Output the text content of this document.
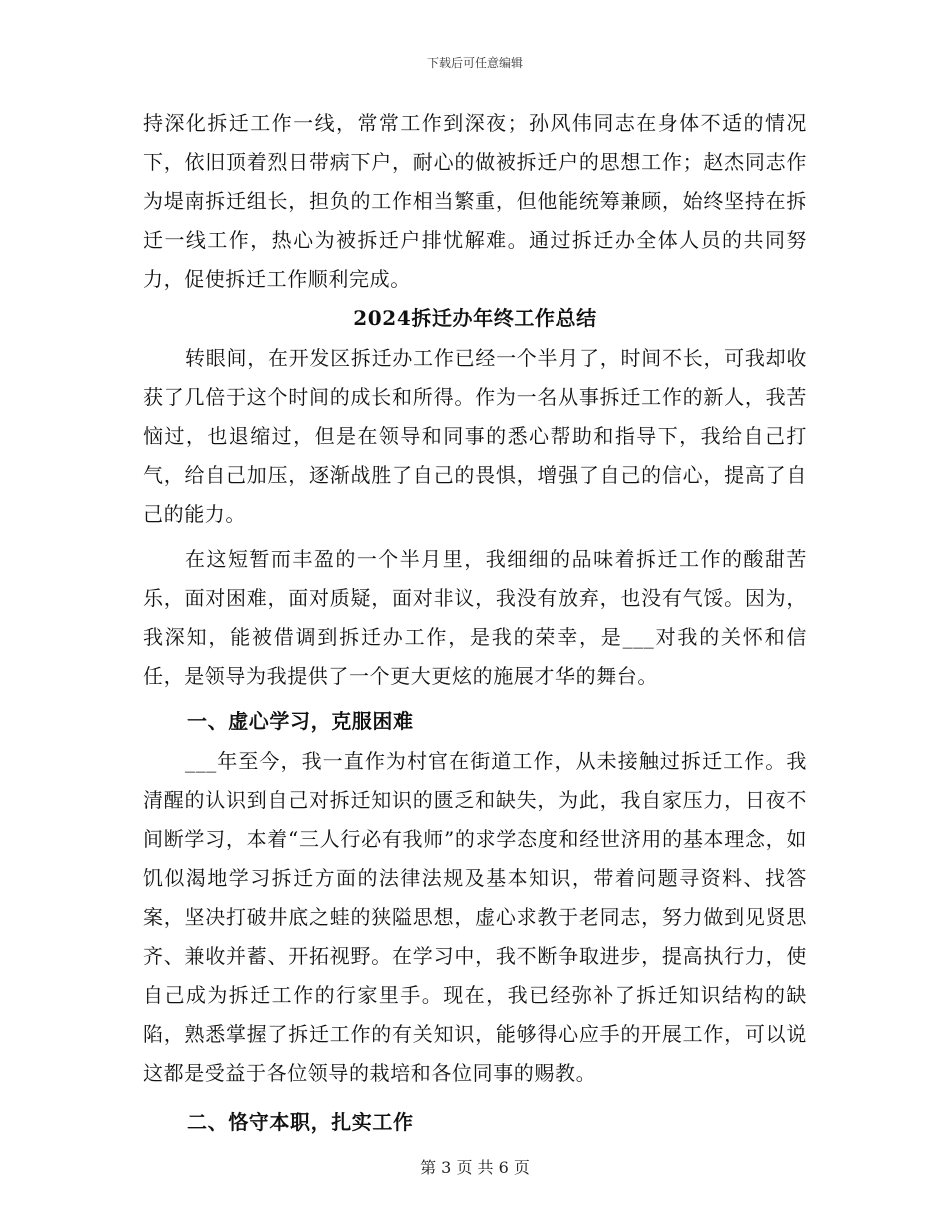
下载后可任意编辑

持深化拆迁工作一线，常常工作到深夜；孙风伟同志在身体不适的情况下，依旧顶着烈日带病下户，耐心的做被拆迁户的思想工作；赵杰同志作为堤南拆迁组长，担负的工作相当繁重，但他能统筹兼顾，始终坚持在拆迁一线工作，热心为被拆迁户排忧解难。通过拆迁办全体人员的共同努力，促使拆迁工作顺利完成。

2024拆迁办年终工作总结

转眼间，在开发区拆迁办工作已经一个半月了，时间不长，可我却收获了几倍于这个时间的成长和所得。作为一名从事拆迁工作的新人，我苦恼过，也退缩过，但是在领导和同事的悉心帮助和指导下，我给自己打气，给自己加压，逐渐战胜了自己的畏惧，增强了自己的信心，提高了自己的能力。

在这短暂而丰盈的一个半月里，我细细的品味着拆迁工作的酸甜苦乐，面对困难，面对质疑，面对非议，我没有放弃，也没有气馁。因为，我深知，能被借调到拆迁办工作，是我的荣幸，是___对我的关怀和信任，是领导为我提供了一个更大更炫的施展才华的舞台。

一、虚心学习，克服困难

___年至今，我一直作为村官在街道工作，从未接触过拆迁工作。我清醒的认识到自己对拆迁知识的匮乏和缺失，为此，我自家压力，日夜不间断学习，本着“三人行必有我师”的求学态度和经世济用的基本理念，如饥似渴地学习拆迁方面的法律法规及基本知识，带着问题寻资料、找答案，坚决打破井底之蛙的狭隘思想，虚心求教于老同志，努力做到见贤思齐、兼收并蓄、开拓视野。在学习中，我不断争取进步，提高执行力，使自己成为拆迁工作的行家里手。现在，我已经弥补了拆迁知识结构的缺陷，熟悉掌握了拆迁工作的有关知识，能够得心应手的开展工作，可以说这都是受益于各位领导的栽培和各位同事的赐教。

二、恪守本职，扎实工作
第 3 页 共 6 页
